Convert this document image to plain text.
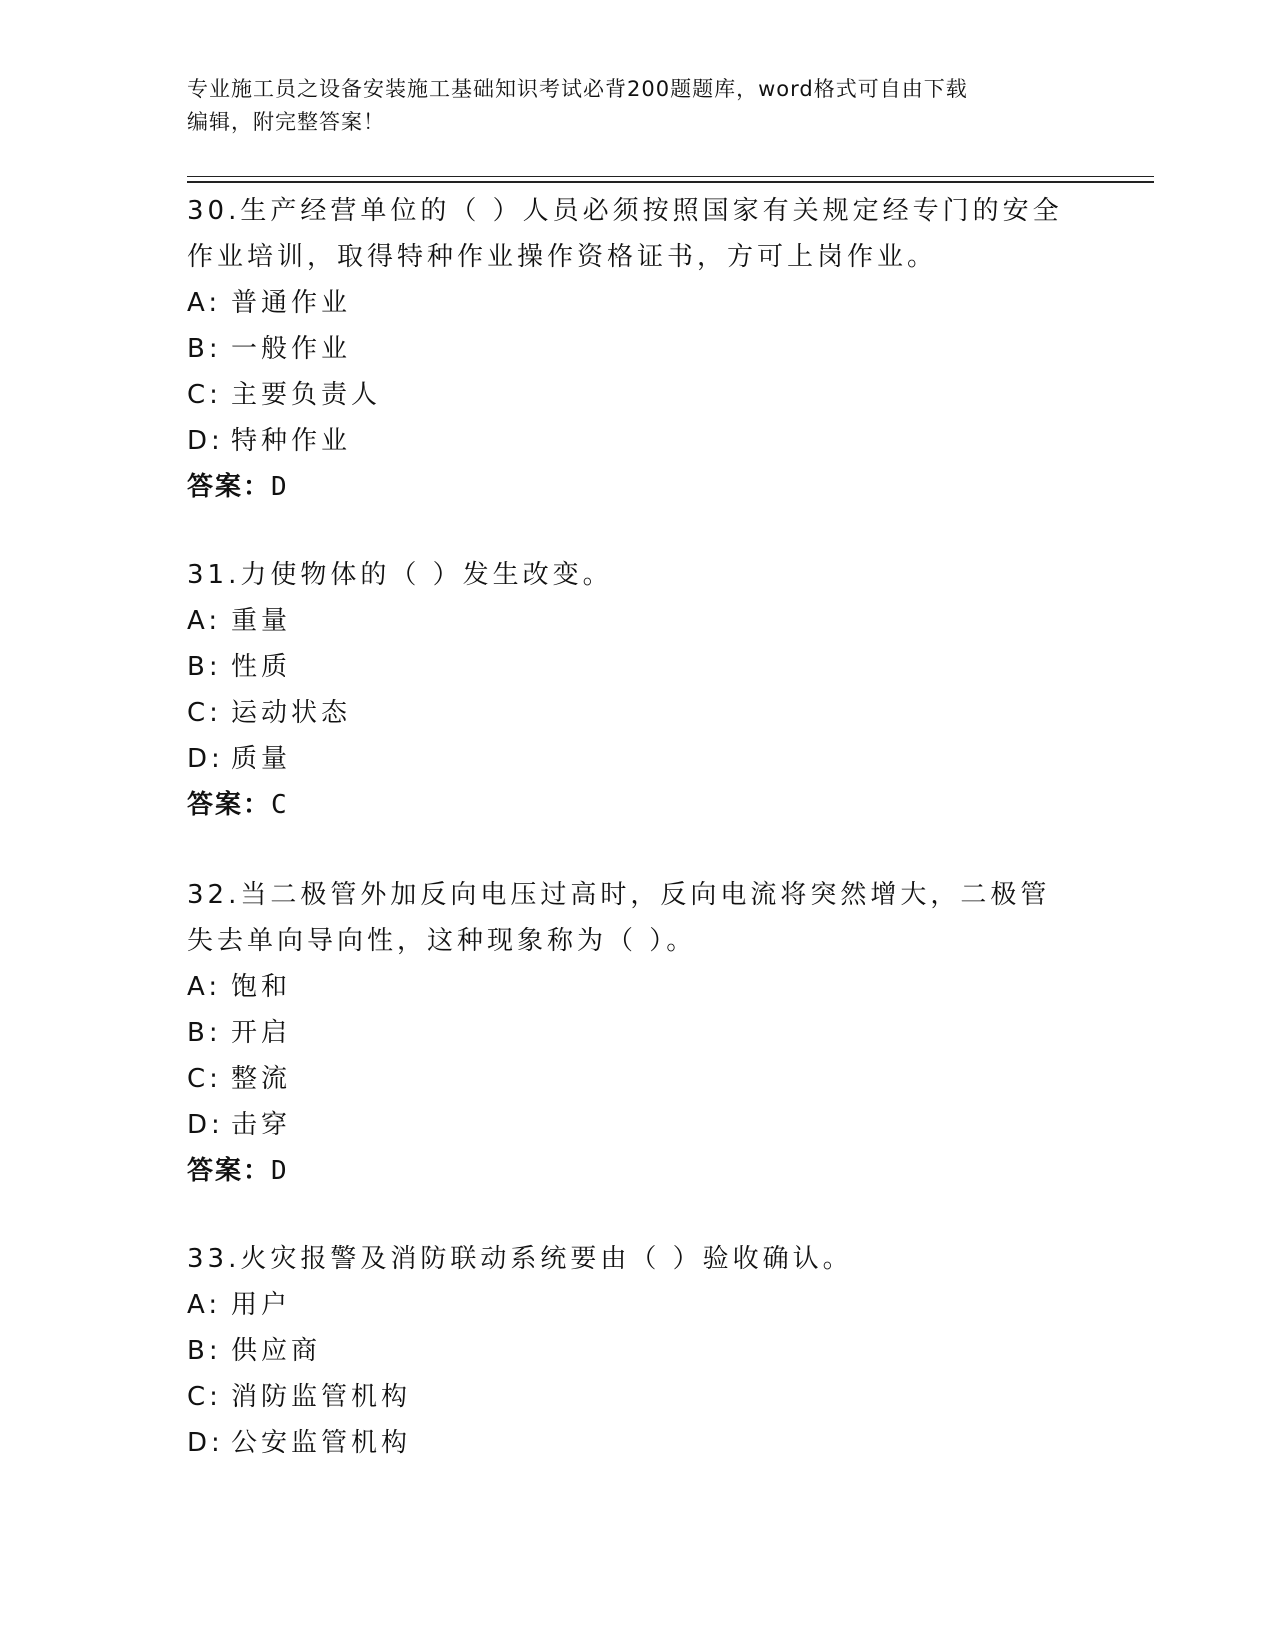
专业施工员之设备安装施工基础知识考试必背200题题库，word格式可自由下载
编辑，附完整答案！

30.生产经营单位的（ ）人员必须按照国家有关规定经专门的安全作业培训，取得特种作业操作资格证书，方可上岗作业。

A: 普通作业
B: 一般作业
C: 主要负责人
D: 特种作业
答案：D

31.力使物体的（ ）发生改变。

A: 重量
B: 性质
C: 运动状态
D: 质量
答案：C

32.当二极管外加反向电压过高时，反向电流将突然增大，二极管失去单向导向性，这种现象称为（ ）。

A: 饱和
B: 开启
C: 整流
D: 击穿
答案：D

33.火灾报警及消防联动系统要由（ ）验收确认。

A: 用户
B: 供应商
C: 消防监管机构
D: 公安监管机构
